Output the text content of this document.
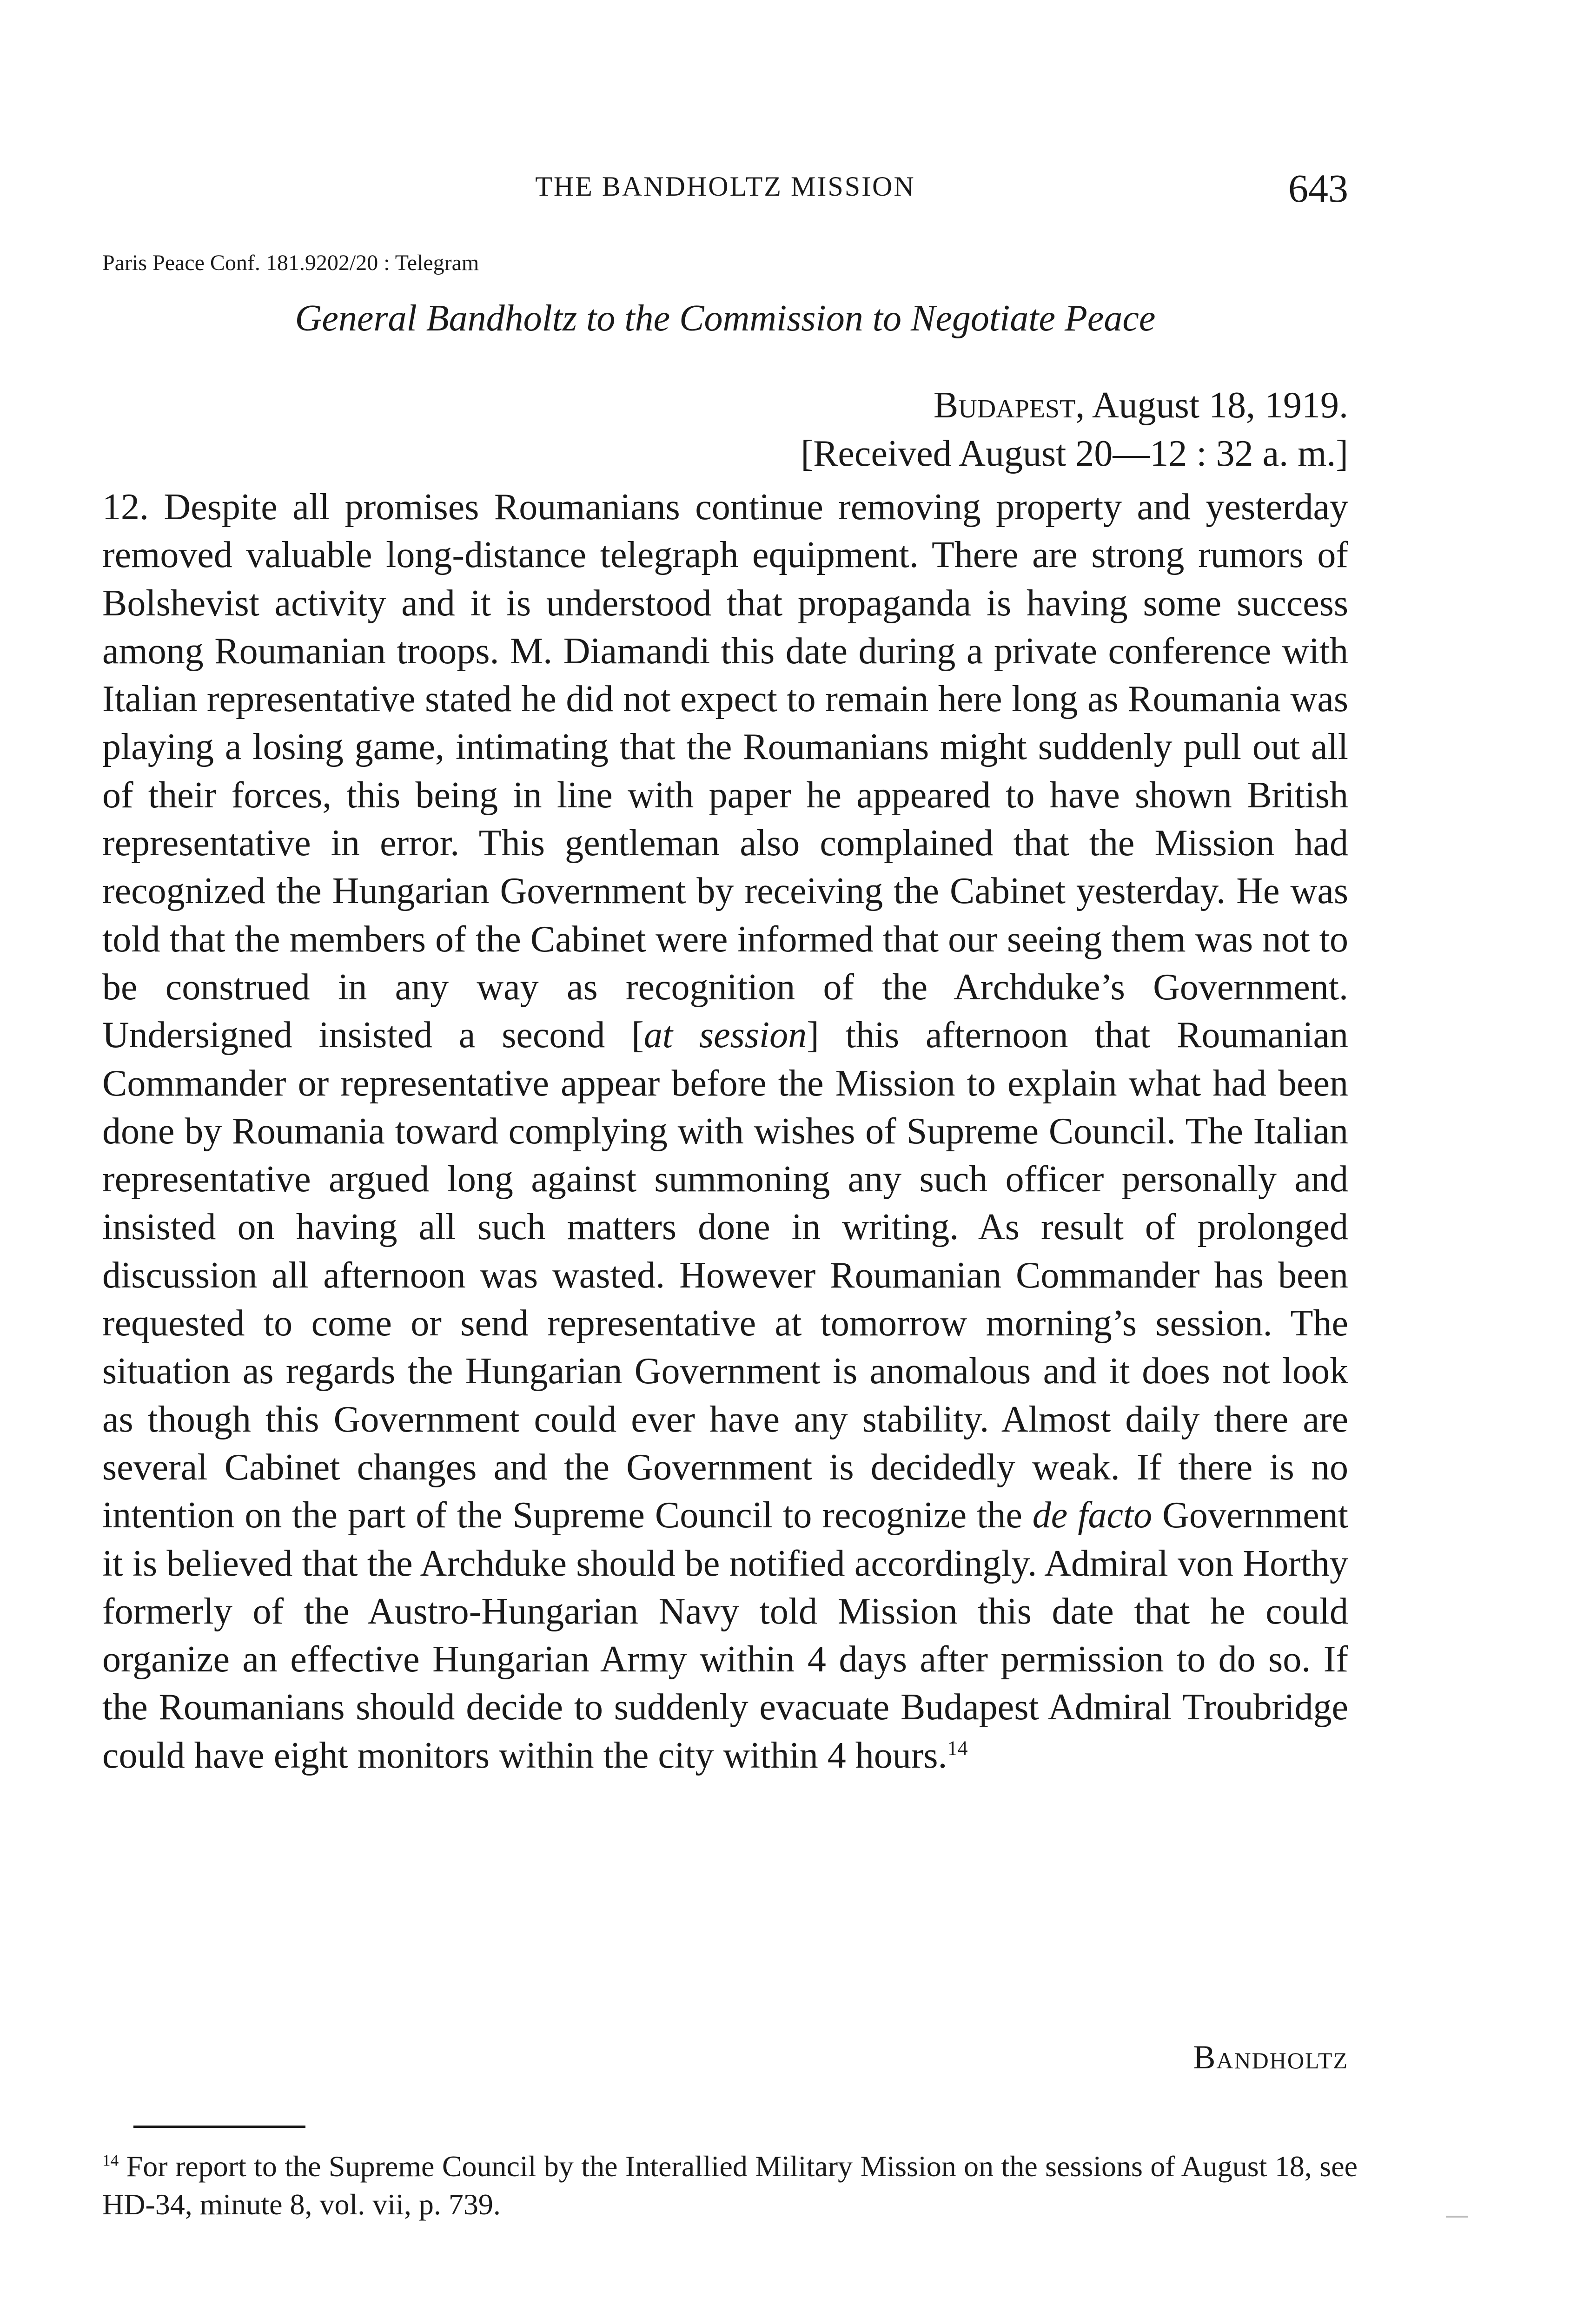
THE BANDHOLTZ MISSION	643
Paris Peace Conf. 181.9202/20 : Telegram
General Bandholtz to the Commission to Negotiate Peace
Budapest, August 18, 1919.
[Received August 20—12 : 32 a. m.]

12. Despite all promises Roumanians continue removing property and yesterday removed valuable long-distance telegraph equipment. There are strong rumors of Bolshevist activity and it is understood that propaganda is having some success among Roumanian troops. M. Diamandi this date during a private conference with Italian representative stated he did not expect to remain here long as Roumania was playing a losing game, intimating that the Roumanians might suddenly pull out all of their forces, this being in line with paper he appeared to have shown British representative in error. This gentleman also complained that the Mission had recognized the Hungarian Government by receiving the Cabinet yesterday. He was told that the members of the Cabinet were informed that our seeing them was not to be construed in any way as recognition of the Archduke’s Government. Undersigned insisted a second [at session] this afternoon that Roumanian Commander or representative appear before the Mission to explain what had been done by Roumania toward complying with wishes of Supreme Council. The Italian representative argued long against summoning any such officer personally and insisted on having all such matters done in writing. As result of prolonged discussion all afternoon was wasted. However Roumanian Commander has been requested to come or send representative at tomorrow morning’s session. The situation as regards the Hungarian Government is anomalous and it does not look as though this Government could ever have any stability. Almost daily there are several Cabinet changes and the Government is decidedly weak. If there is no intention on the part of the Supreme Council to recognize the de facto Government it is believed that the Archduke should be notified accordingly. Admiral von Horthy formerly of the Austro-Hungarian Navy told Mission this date that he could organize an effective Hungarian Army within 4 days after permission to do so. If the Roumanians should decide to suddenly evacuate Budapest Admiral Troubridge could have eight monitors within the city within 4 hours.$^{14}$

Bandholtz
$^{14}$ For report to the Supreme Council by the Interallied Military Mission on the sessions of August 18, see HD-34, minute 8, vol. vii, p. 739.
